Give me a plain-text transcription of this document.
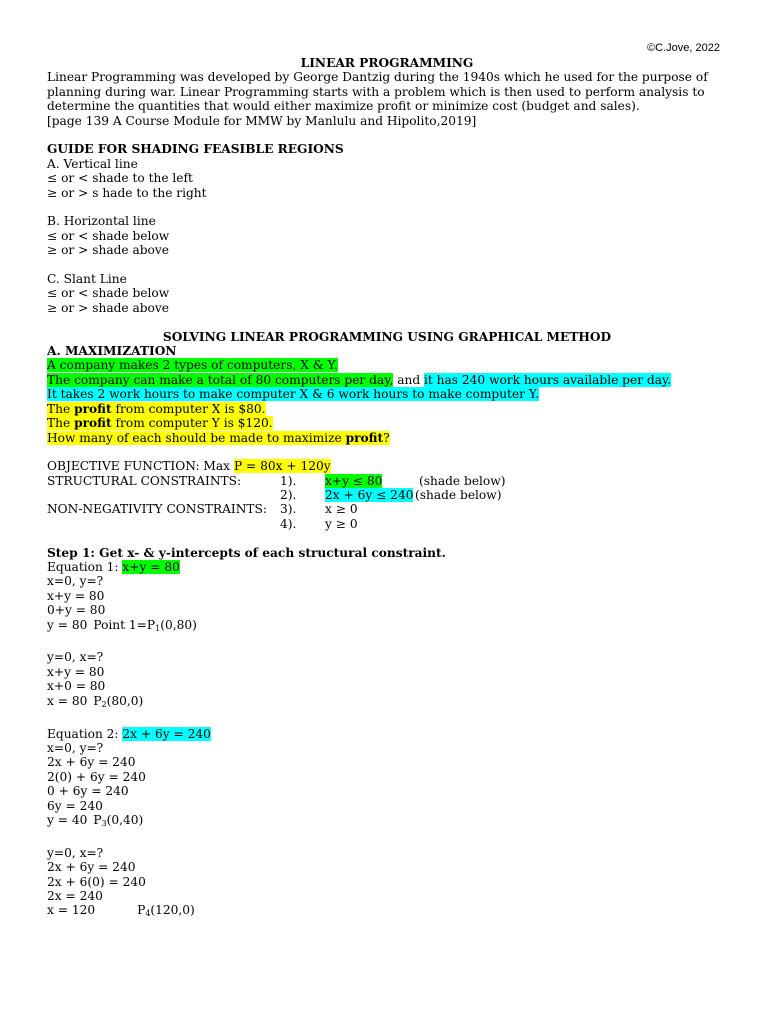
©C.Jove, 2022
LINEAR PROGRAMMING
Linear Programming was developed by George Dantzig during the 1940s which he used for the purpose of planning during war. Linear Programming starts with a problem which is then used to perform analysis to determine the quantities that would either maximize profit or minimize cost (budget and sales).
[page 139 A Course Module for MMW by Manlulu and Hipolito,2019]
GUIDE FOR SHADING FEASIBLE REGIONS
A. Vertical line
≤ or < shade to the left
≥ or > s hade to the right
B. Horizontal line
≤ or < shade below
≥ or > shade above
C. Slant Line
≤ or < shade below
≥ or > shade above
SOLVING LINEAR PROGRAMMING USING GRAPHICAL METHOD
A. MAXIMIZATION
A company makes 2 types of computers, X & Y.
The company can make a total of 80 computers per day, and it has 240 work hours available per day.
It takes 2 work hours to make computer X & 6 work hours to make computer Y.
The profit from computer X is $80.
The profit from computer Y is $120.
How many of each should be made to maximize profit?
OBJECTIVE FUNCTION: Max P = 80x + 120y
STRUCTURAL CONSTRAINTS:	1).	x+y ≤ 80	(shade below)
2).	2x + 6y ≤ 240 (shade below)
NON-NEGATIVITY CONSTRAINTS:	3).	x ≥ 0
4).	y ≥ 0
Step 1: Get x- & y-intercepts of each structural constraint.
Equation 1: x+y = 80
x=0, y=?
x+y = 80
0+y = 80
y = 80 Point $1=P_1(0,80)$
y=0, x=?
x+y = 80
x+0 = 80
x = 80 $P_2(80,0)$
Equation 2: 2x + 6y = 240
x=0, y=?
2x + 6y = 240
2(0) + 6y = 240
0 + 6y = 240
6y = 240
y = 40 $P_3(0,40)$
y=0, x=?
2x + 6y = 240
2x + 6(0) = 240
2x = 240
x = 120	$P_4(120,0)$
